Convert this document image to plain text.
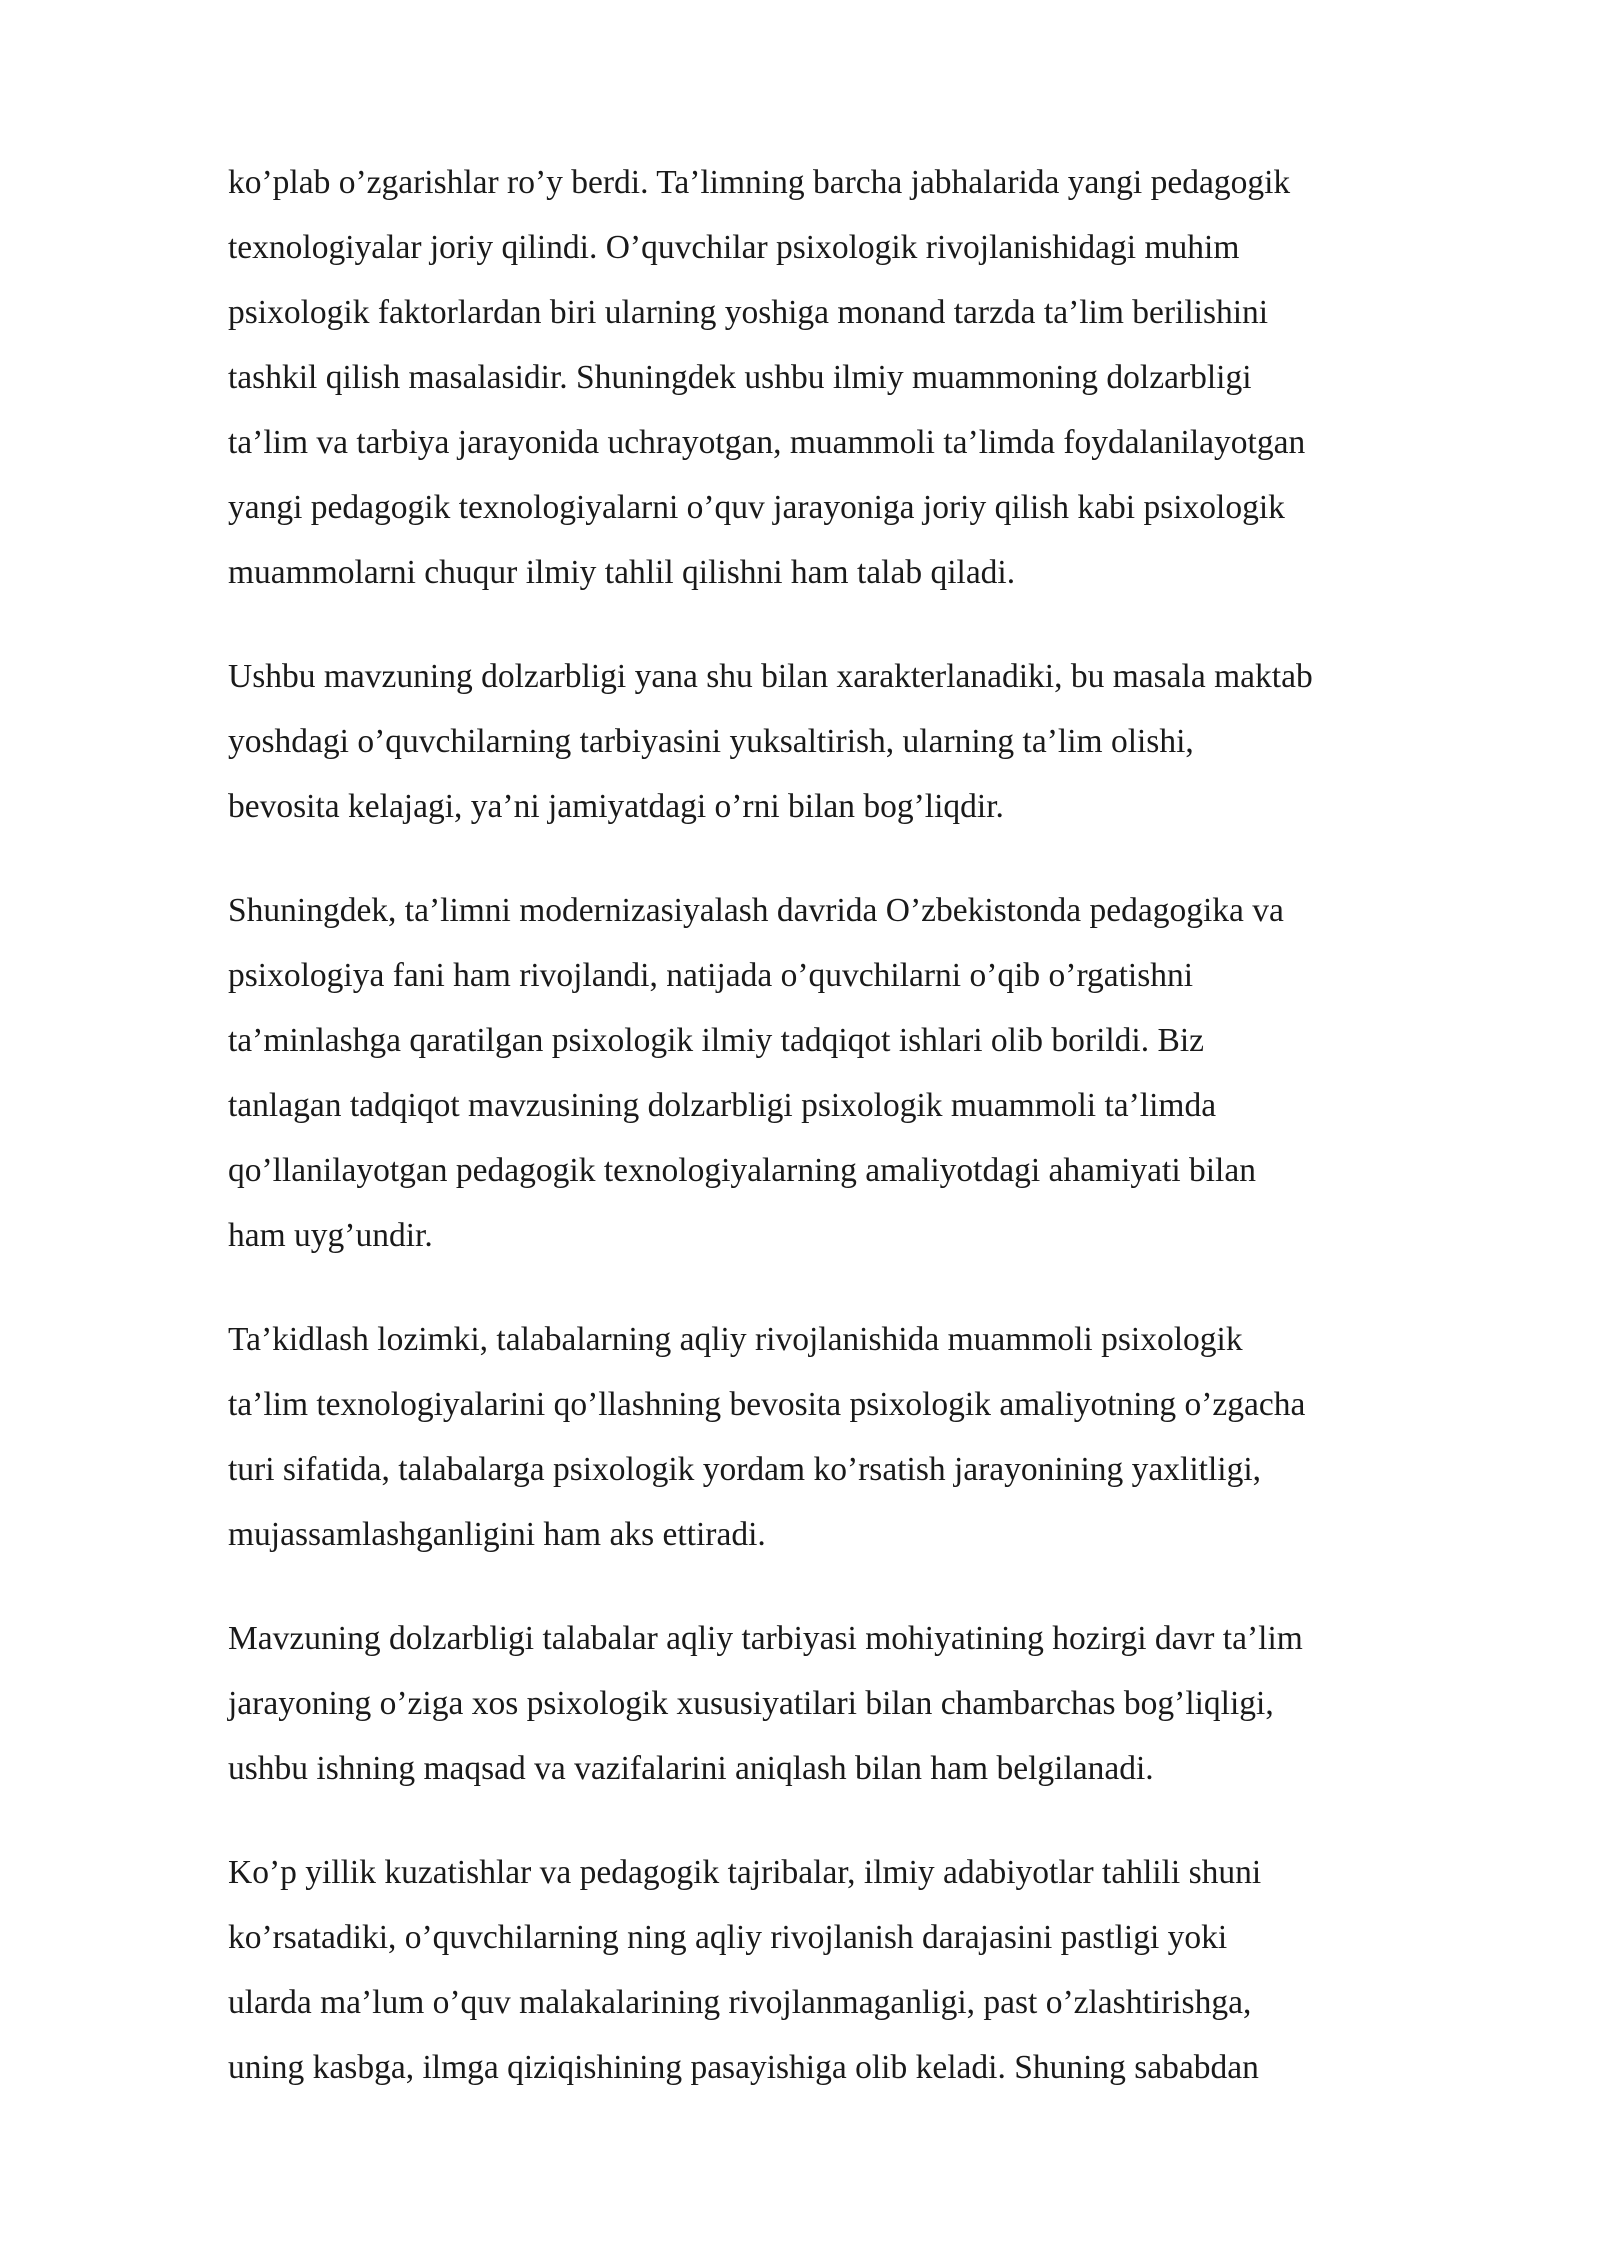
ko’plab o’zgarishlar ro’y berdi. Ta’limning barcha jabhalarida yangi pedagogik
texnologiyalar joriy qilindi. O’quvchilar psixologik rivojlanishidagi muhim
psixologik faktorlardan biri ularning yoshiga monand tarzda ta’lim berilishini
tashkil qilish masalasidir. Shuningdek ushbu ilmiy muammoning dolzarbligi
ta’lim va tarbiya jarayonida uchrayotgan, muammoli ta’limda foydalanilayotgan
yangi pedagogik texnologiyalarni o’quv jarayoniga joriy qilish kabi psixologik
muammolarni chuqur ilmiy tahlil qilishni ham talab qiladi.

Ushbu mavzuning dolzarbligi yana shu bilan xarakterlanadiki, bu masala maktab
yoshdagi o’quvchilarning tarbiyasini yuksaltirish, ularning ta’lim olishi,
bevosita kelajagi, ya’ni jamiyatdagi o’rni bilan bog’liqdir.

Shuningdek, ta’limni modernizasiyalash davrida O’zbekistonda pedagogika va
psixologiya fani ham rivojlandi, natijada o’quvchilarni o’qib o’rgatishni
ta’minlashga qaratilgan psixologik ilmiy tadqiqot ishlari olib borildi. Biz
tanlagan tadqiqot mavzusining dolzarbligi psixologik muammoli ta’limda
qo’llanilayotgan pedagogik texnologiyalarning amaliyotdagi ahamiyati bilan
ham uyg’undir.

Ta’kidlash lozimki, talabalarning aqliy rivojlanishida muammoli psixologik
ta’lim texnologiyalarini qo’llashning bevosita psixologik amaliyotning o’zgacha
turi sifatida, talabalarga psixologik yordam ko’rsatish jarayonining yaxlitligi,
mujassamlashganligini ham aks ettiradi.

Mavzuning dolzarbligi talabalar aqliy tarbiyasi mohiyatining hozirgi davr ta’lim
jarayoning o’ziga xos psixologik xususiyatilari bilan chambarchas bog’liqligi,
ushbu ishning maqsad va vazifalarini aniqlash bilan ham belgilanadi.

Ko’p yillik kuzatishlar va pedagogik tajribalar, ilmiy adabiyotlar tahlili shuni
ko’rsatadiki, o’quvchilarning ning aqliy rivojlanish darajasini pastligi yoki
ularda ma’lum o’quv malakalarining rivojlanmaganligi, past o’zlashtirishga,
uning kasbga, ilmga qiziqishining pasayishiga olib keladi. Shuning sababdan
